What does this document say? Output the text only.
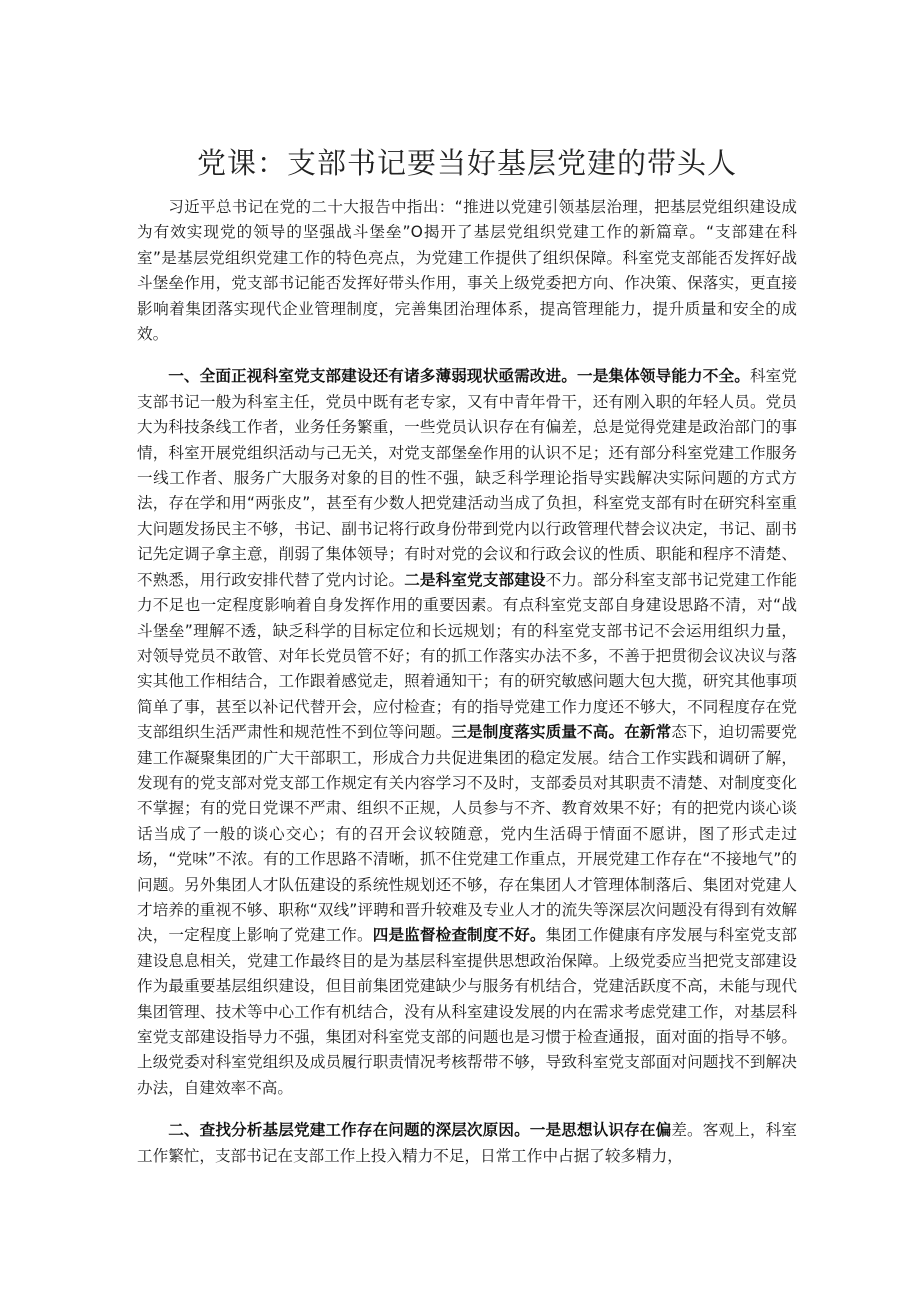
党课：支部书记要当好基层党建的带头人

习近平总书记在党的二十大报告中指出：“推进以党建引领基层治理，把基层党组织建设成为有效实现党的领导的坚强战斗堡垒”O揭开了基层党组织党建工作的新篇章。“支部建在科室”是基层党组织党建工作的特色亮点，为党建工作提供了组织保障。科室党支部能否发挥好战斗堡垒作用，党支部书记能否发挥好带头作用，事关上级党委把方向、作决策、保落实，更直接影响着集团落实现代企业管理制度，完善集团治理体系，提高管理能力，提升质量和安全的成效。

一、全面正视科室党支部建设还有诸多薄弱现状亟需改进。一是集体领导能力不全。科室党支部书记一般为科室主任，党员中既有老专家，又有中青年骨干，还有刚入职的年轻人员。党员大为科技条线工作者，业务任务繁重，一些党员认识存在有偏差，总是觉得党建是政治部门的事情，科室开展党组织活动与己无关，对党支部堡垒作用的认识不足；还有部分科室党建工作服务一线工作者、服务广大服务对象的目的性不强，缺乏科学理论指导实践解决实际问题的方式方法，存在学和用“两张皮”，甚至有少数人把党建活动当成了负担，科室党支部有时在研究科室重大问题发扬民主不够，书记、副书记将行政身份带到党内以行政管理代替会议决定，书记、副书记先定调子拿主意，削弱了集体领导；有时对党的会议和行政会议的性质、职能和程序不清楚、不熟悉，用行政安排代替了党内讨论。二是科室党支部建设不力。部分科室支部书记党建工作能力不足也一定程度影响着自身发挥作用的重要因素。有点科室党支部自身建设思路不清，对“战斗堡垒”理解不透，缺乏科学的目标定位和长远规划；有的科室党支部书记不会运用组织力量，对领导党员不敢管、对年长党员管不好；有的抓工作落实办法不多，不善于把贯彻会议决议与落实其他工作相结合，工作跟着感觉走，照着通知干；有的研究敏感问题大包大揽，研究其他事项简单了事，甚至以补记代替开会，应付检查；有的指导党建工作力度还不够大，不同程度存在党支部组织生活严肃性和规范性不到位等问题。三是制度落实质量不高。在新常态下，迫切需要党建工作凝聚集团的广大干部职工，形成合力共促进集团的稳定发展。结合工作实践和调研了解，发现有的党支部对党支部工作规定有关内容学习不及时，支部委员对其职责不清楚、对制度变化不掌握；有的党日党课不严肃、组织不正规，人员参与不齐、教育效果不好；有的把党内谈心谈话当成了一般的谈心交心；有的召开会议较随意，党内生活碍于情面不愿讲，图了形式走过场，“党味”不浓。有的工作思路不清晰，抓不住党建工作重点，开展党建工作存在“不接地气”的问题。另外集团人才队伍建设的系统性规划还不够，存在集团人才管理体制落后、集团对党建人才培养的重视不够、职称“双线”评聘和晋升较难及专业人才的流失等深层次问题没有得到有效解决，一定程度上影响了党建工作。四是监督检查制度不好。集团工作健康有序发展与科室党支部建设息息相关，党建工作最终目的是为基层科室提供思想政治保障。上级党委应当把党支部建设作为最重要基层组织建设，但目前集团党建缺少与服务有机结合，党建活跃度不高，未能与现代集团管理、技术等中心工作有机结合，没有从科室建设发展的内在需求考虑党建工作，对基层科室党支部建设指导力不强，集团对科室党支部的问题也是习惯于检查通报，面对面的指导不够。上级党委对科室党组织及成员履行职责情况考核帮带不够，导致科室党支部面对问题找不到解决办法，自建效率不高。

二、查找分析基层党建工作存在问题的深层次原因。一是思想认识存在偏差。客观上，科室工作繁忙，支部书记在支部工作上投入精力不足，日常工作中占据了较多精力，
